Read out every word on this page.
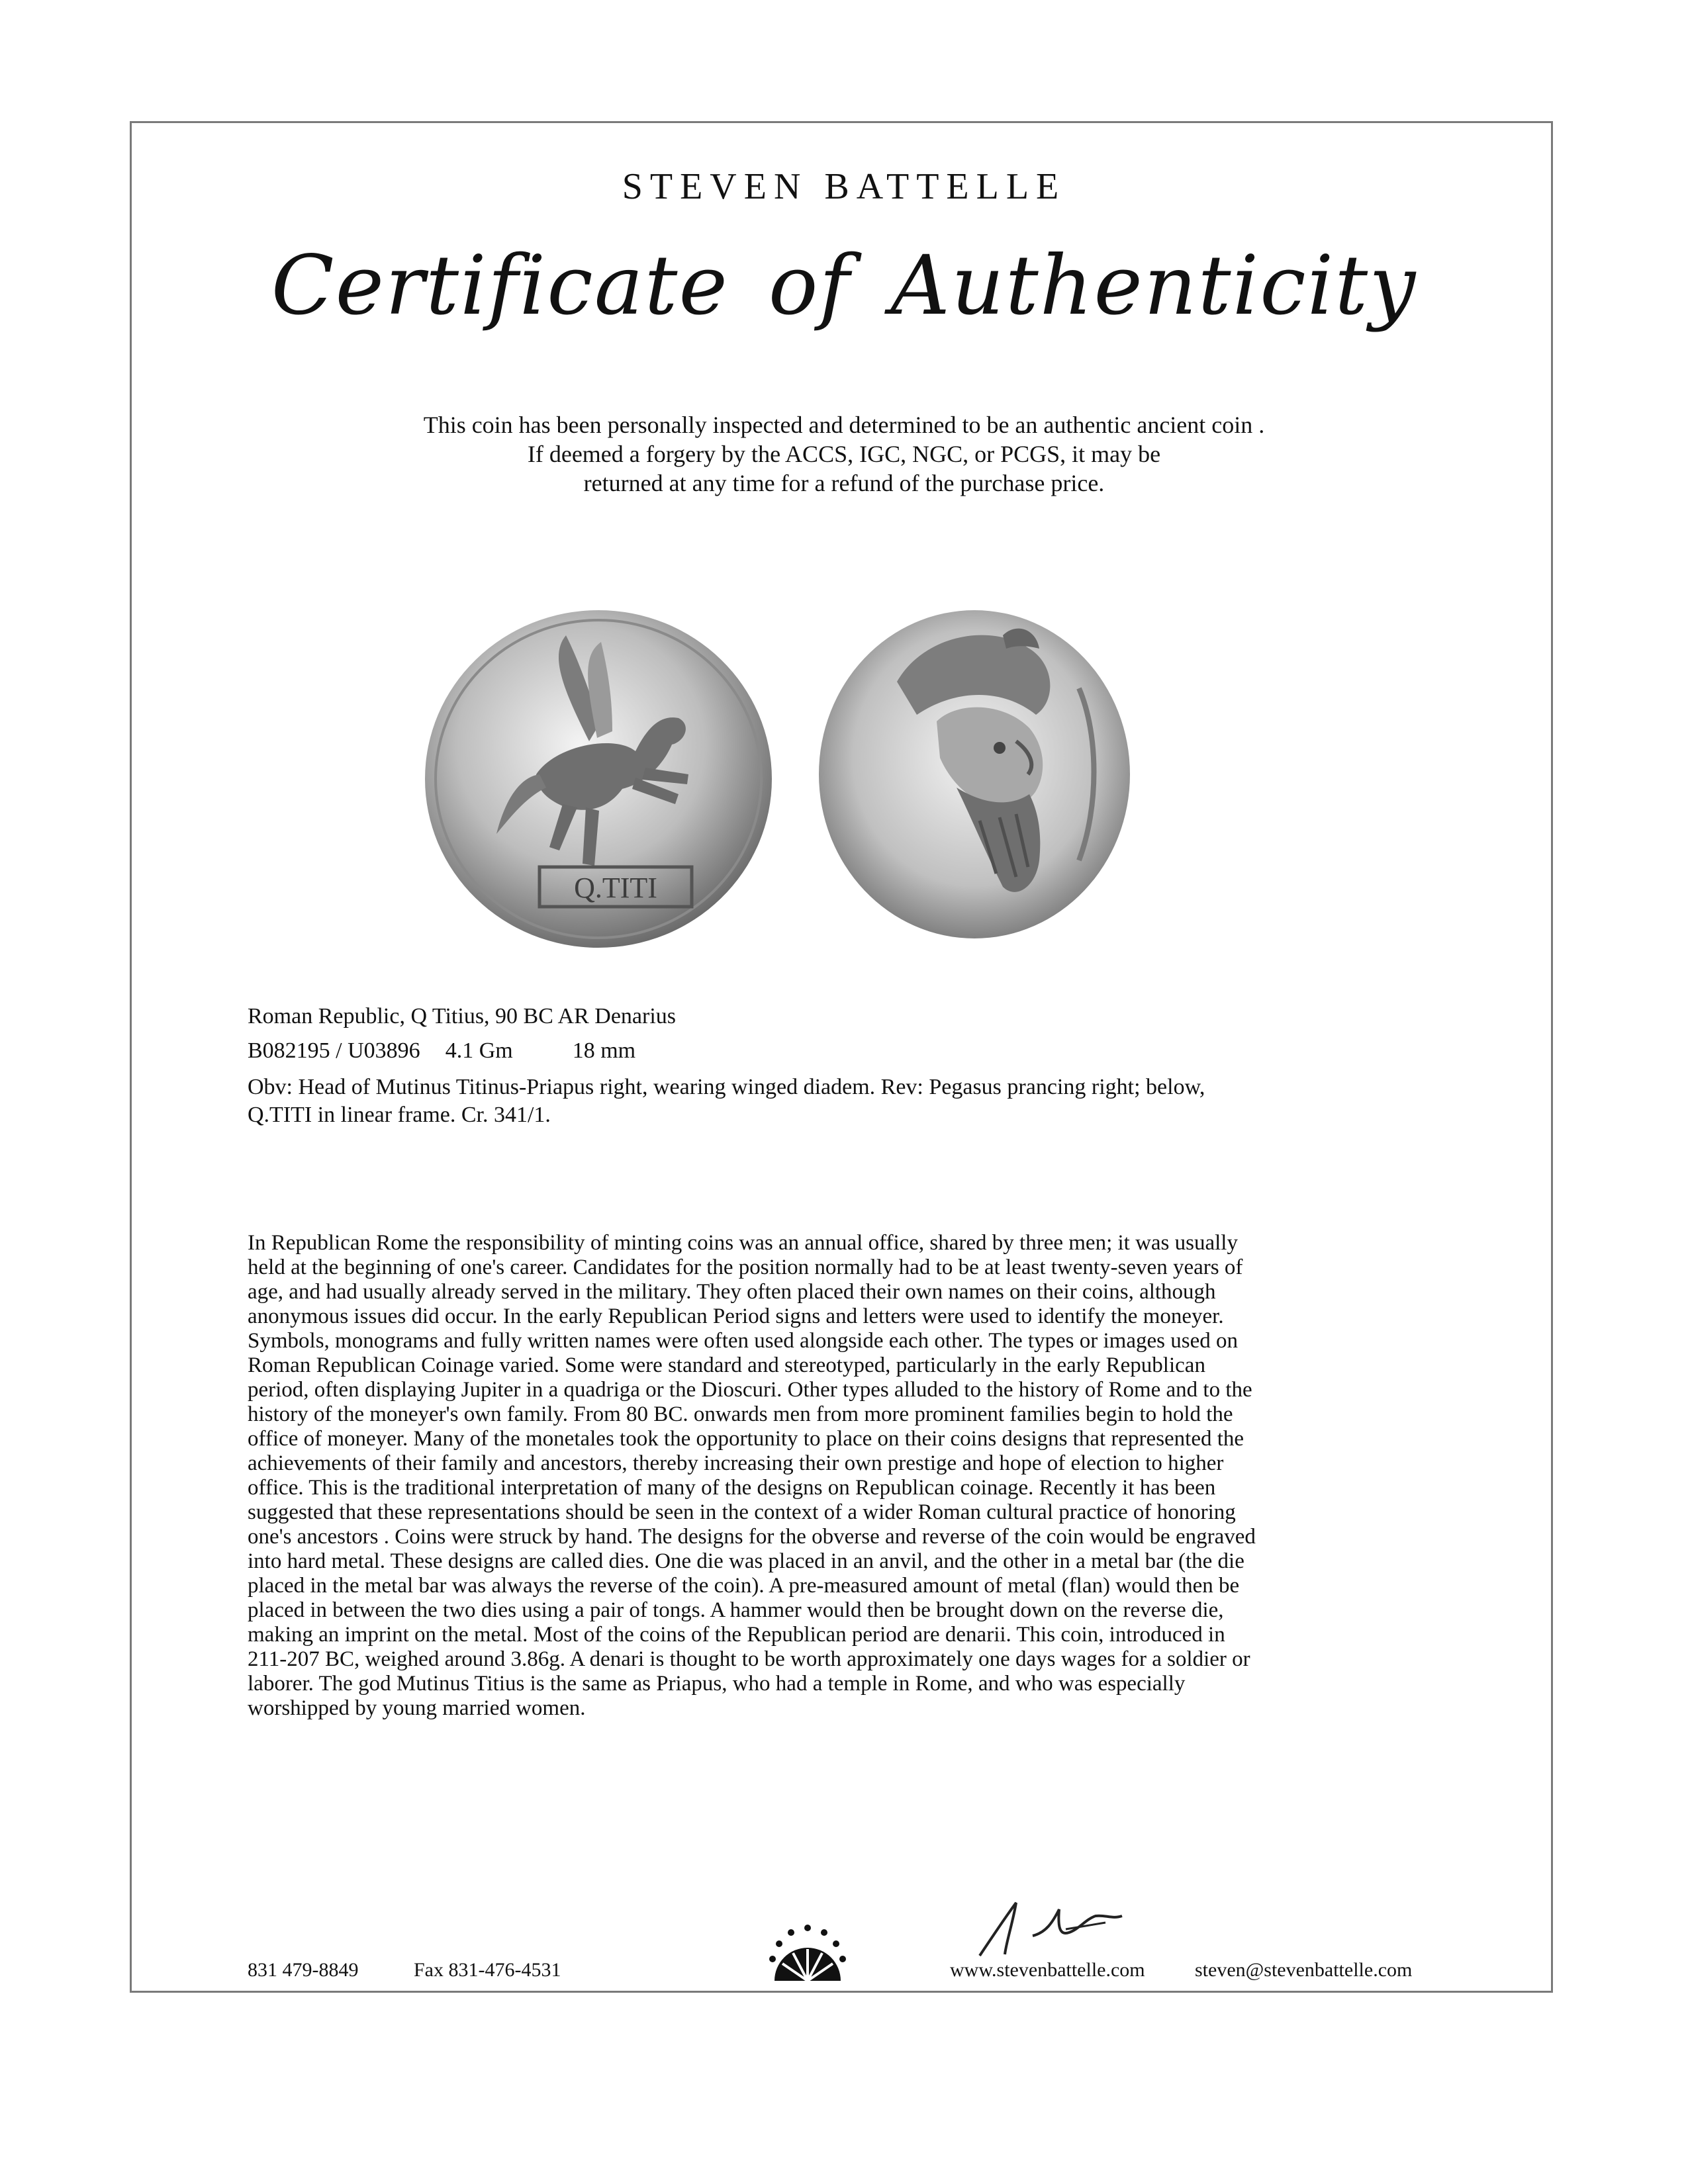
STEVEN BATTELLE
Certificate of Authenticity
This coin has been personally inspected and determined to be an authentic ancient coin .
If deemed a forgery by the ACCS, IGC, NGC, or PCGS, it may be
returned at any time for a refund of the purchase price.
Q.TITI
Roman Republic, Q Titius, 90 BC AR Denarius
B082195 / U03896 4.1 Gm	18 mm
Obv: Head of Mutinus Titinus-Priapus right, wearing winged diadem. Rev: Pegasus prancing right; below,
Q.TITI in linear frame. Cr. 341/1.
In Republican Rome the responsibility of minting coins was an annual office, shared by three men; it was usually
held at the beginning of one's career. Candidates for the position normally had to be at least twenty-seven years of
age, and had usually already served in the military. They often placed their own names on their coins, although
anonymous issues did occur. In the early Republican Period signs and letters were used to identify the moneyer.
Symbols, monograms and fully written names were often used alongside each other. The types or images used on
Roman Republican Coinage varied. Some were standard and stereotyped, particularly in the early Republican
period, often displaying Jupiter in a quadriga or the Dioscuri. Other types alluded to the history of Rome and to the
history of the moneyer's own family. From 80 BC. onwards men from more prominent families begin to hold the
office of moneyer. Many of the monetales took the opportunity to place on their coins designs that represented the
achievements of their family and ancestors, thereby increasing their own prestige and hope of election to higher
office. This is the traditional interpretation of many of the designs on Republican coinage. Recently it has been
suggested that these representations should be seen in the context of a wider Roman cultural practice of honoring
one's ancestors . Coins were struck by hand. The designs for the obverse and reverse of the coin would be engraved
into hard metal. These designs are called dies. One die was placed in an anvil, and the other in a metal bar (the die
placed in the metal bar was always the reverse of the coin). A pre-measured amount of metal (flan) would then be
placed in between the two dies using a pair of tongs. A hammer would then be brought down on the reverse die,
making an imprint on the metal. Most of the coins of the Republican period are denarii. This coin, introduced in
211-207 BC, weighed around 3.86g. A denari is thought to be worth approximately one days wages for a soldier or
laborer. The god Mutinus Titius is the same as Priapus, who had a temple in Rome, and who was especially
worshipped by young married women.
831 479-8849	Fax 831-476-4531	www.stevenbattelle.com	steven@stevenbattelle.com
